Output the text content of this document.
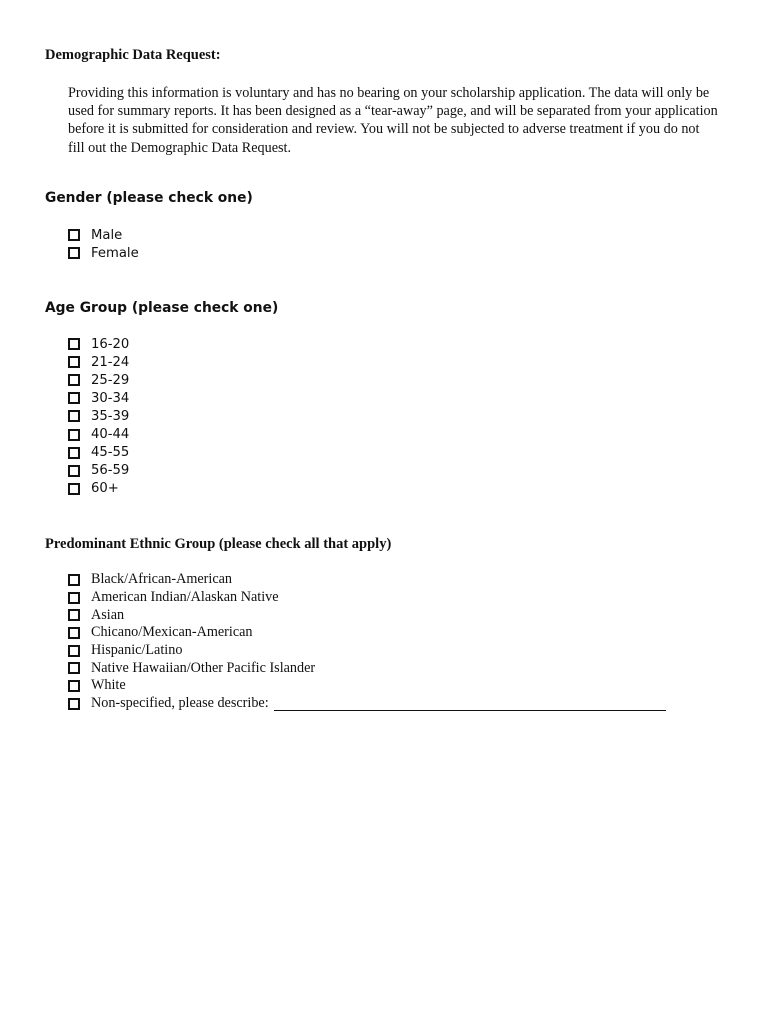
Demographic Data Request:
Providing this information is voluntary and has no bearing on your scholarship application. The data will only be used for summary reports. It has been designed as a “tear-away” page, and will be separated from your application before it is submitted for consideration and review. You will not be subjected to adverse treatment if you do not fill out the Demographic Data Request.
Gender (please check one)
Male
Female
Age Group (please check one)
16-20
21-24
25-29
30-34
35-39
40-44
45-55
56-59
60+
Predominant Ethnic Group (please check all that apply)
Black/African-American
American Indian/Alaskan Native
Asian
Chicano/Mexican-American
Hispanic/Latino
Native Hawaiian/Other Pacific Islander
White
Non-specified, please describe:
